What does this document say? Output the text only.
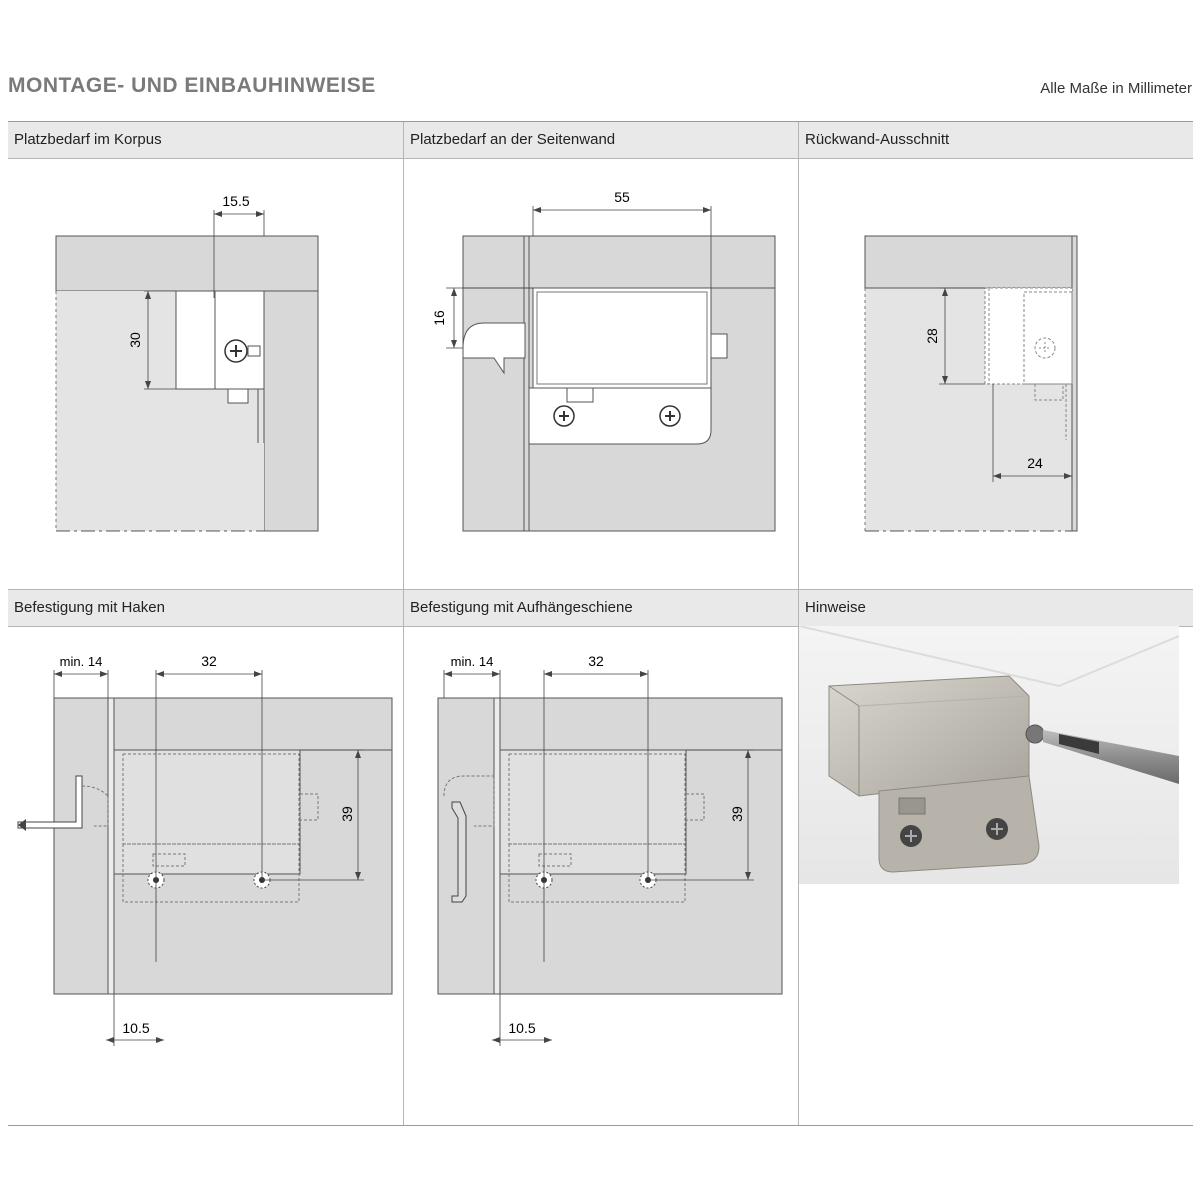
MONTAGE- UND EINBAUHINWEISE	Alle Maße in Millimeter
Platzbedarf im Korpus
15.5
30
Platzbedarf an der Seitenwand
55
16
Rückwand-Ausschnitt
28
24
Befestigung mit Haken
min. 14	32
39
10.5
Befestigung mit Aufhängeschiene
min. 14	32
39
10.5
Hinweise
•
•
•
